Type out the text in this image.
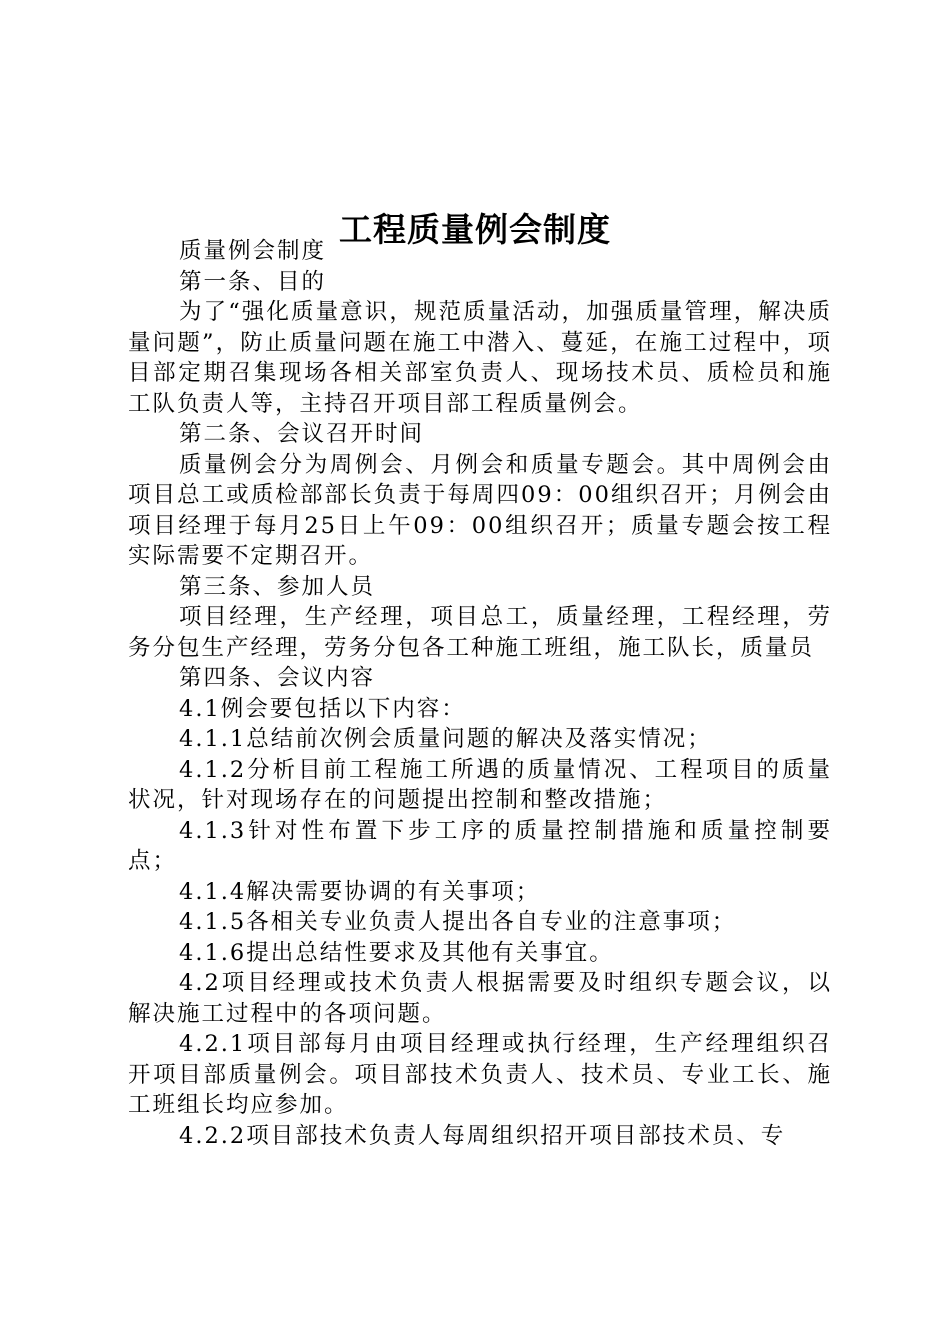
工程质量例会制度

质量例会制度

第一条、目的

为了“强化质量意识，规范质量活动，加强质量管理，解决质量问题”，防止质量问题在施工中潜入、蔓延，在施工过程中，项目部定期召集现场各相关部室负责人、现场技术员、质检员和施工队负责人等，主持召开项目部工程质量例会。

第二条、会议召开时间

质量例会分为周例会、月例会和质量专题会。其中周例会由项目总工或质检部部长负责于每周四09：00组织召开；月例会由项目经理于每月25日上午09：00组织召开；质量专题会按工程实际需要不定期召开。

第三条、参加人员

项目经理，生产经理，项目总工，质量经理，工程经理，劳务分包生产经理，劳务分包各工种施工班组，施工队长，质量员

第四条、会议内容

4.1例会要包括以下内容：

4.1.1总结前次例会质量问题的解决及落实情况；

4.1.2分析目前工程施工所遇的质量情况、工程项目的质量状况，针对现场存在的问题提出控制和整改措施；

4.1.3针对性布置下步工序的质量控制措施和质量控制要点；

4.1.4解决需要协调的有关事项；

4.1.5各相关专业负责人提出各自专业的注意事项；

4.1.6提出总结性要求及其他有关事宜。

4.2项目经理或技术负责人根据需要及时组织专题会议，以解决施工过程中的各项问题。

4.2.1项目部每月由项目经理或执行经理，生产经理组织召开项目部质量例会。项目部技术负责人、技术员、专业工长、施工班组长均应参加。

4.2.2项目部技术负责人每周组织招开项目部技术员、专
